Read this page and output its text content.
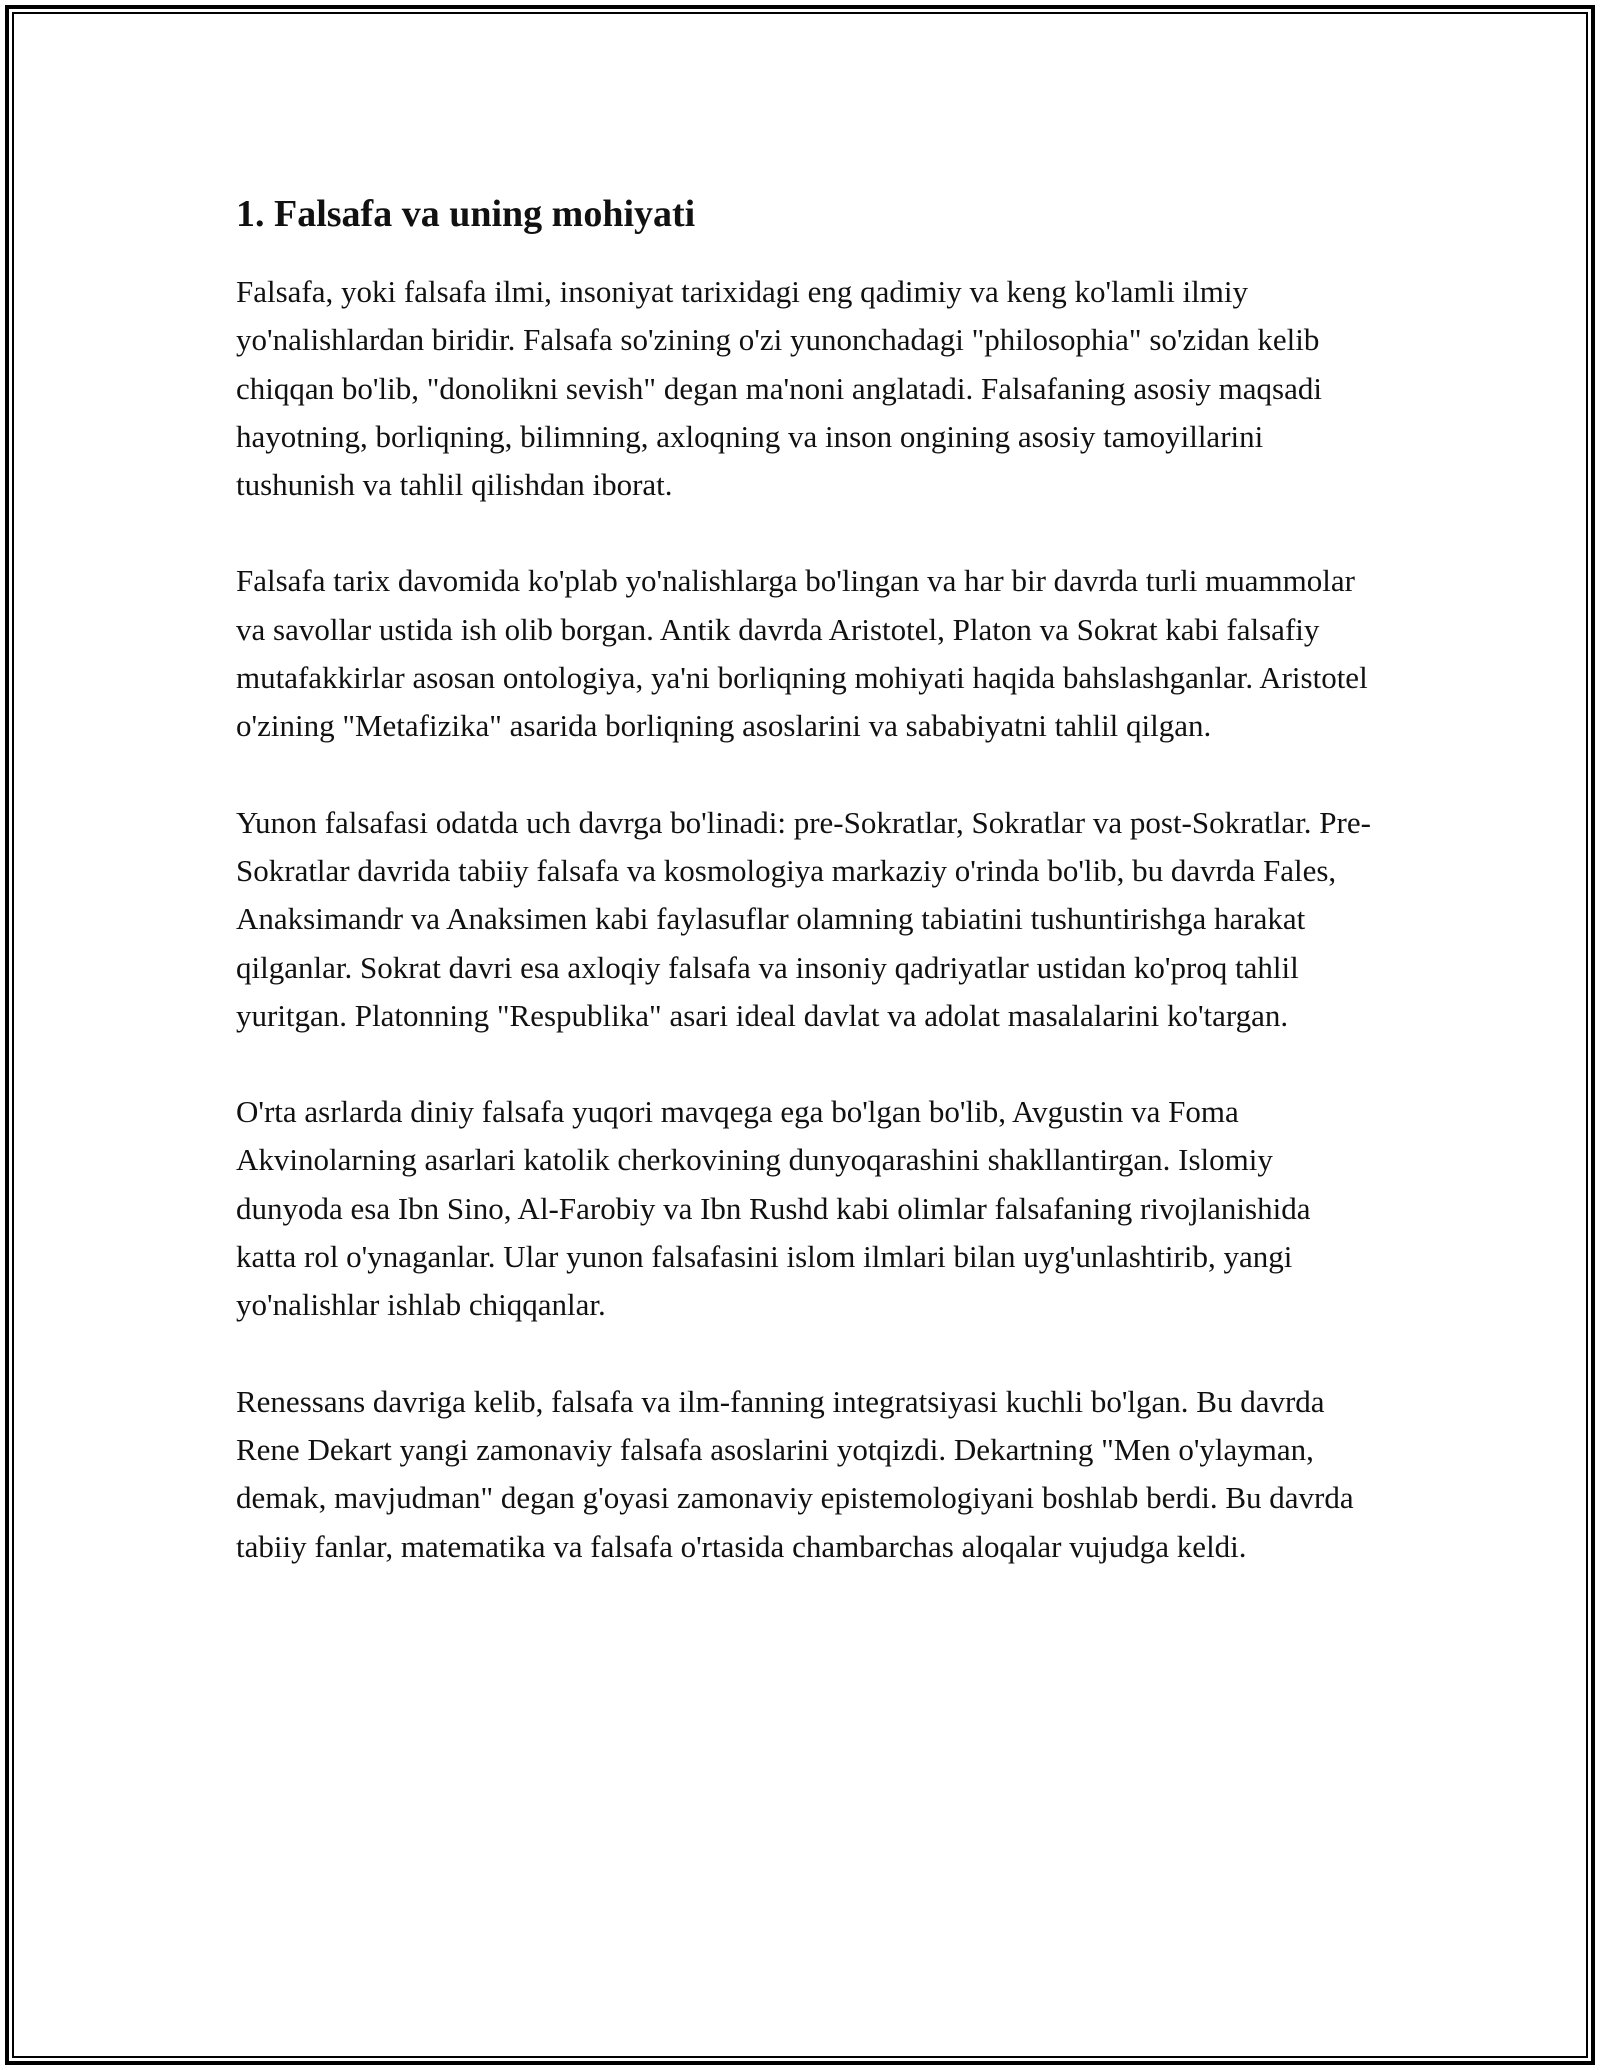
1. Falsafa va uning mohiyati

Falsafa, yoki falsafa ilmi, insoniyat tarixidagi eng qadimiy va keng ko'lamli ilmiy yo'nalishlardan biridir. Falsafa so'zining o'zi yunonchadagi "philosophia" so'zidan kelib chiqqan bo'lib, "donolikni sevish" degan ma'noni anglatadi. Falsafaning asosiy maqsadi hayotning, borliqning, bilimning, axloqning va inson ongining asosiy tamoyillarini tushunish va tahlil qilishdan iborat.

Falsafa tarix davomida ko'plab yo'nalishlarga bo'lingan va har bir davrda turli muammolar va savollar ustida ish olib borgan. Antik davrda Aristotel, Platon va Sokrat kabi falsafiy mutafakkirlar asosan ontologiya, ya'ni borliqning mohiyati haqida bahslashganlar. Aristotel o'zining "Metafizika" asarida borliqning asoslarini va sababiyatni tahlil qilgan.

Yunon falsafasi odatda uch davrga bo'linadi: pre-Sokratlar, Sokratlar va post-Sokratlar. Pre-Sokratlar davrida tabiiy falsafa va kosmologiya markaziy o'rinda bo'lib, bu davrda Fales, Anaksimandr va Anaksimen kabi faylasuflar olamning tabiatini tushuntirishga harakat qilganlar. Sokrat davri esa axloqiy falsafa va insoniy qadriyatlar ustidan ko'proq tahlil yuritgan. Platonning "Respublika" asari ideal davlat va adolat masalalarini ko'targan.

O'rta asrlarda diniy falsafa yuqori mavqega ega bo'lgan bo'lib, Avgustin va Foma Akvinolarning asarlari katolik cherkovining dunyoqarashini shakllantirgan. Islomiy dunyoda esa Ibn Sino, Al-Farobiy va Ibn Rushd kabi olimlar falsafaning rivojlanishida katta rol o'ynaganlar. Ular yunon falsafasini islom ilmlari bilan uyg'unlashtirib, yangi yo'nalishlar ishlab chiqqanlar.

Renessans davriga kelib, falsafa va ilm-fanning integratsiyasi kuchli bo'lgan. Bu davrda Rene Dekart yangi zamonaviy falsafa asoslarini yotqizdi. Dekartning "Men o'ylayman, demak, mavjudman" degan g'oyasi zamonaviy epistemologiyani boshlab berdi. Bu davrda tabiiy fanlar, matematika va falsafa o'rtasida chambarchas aloqalar vujudga keldi.
